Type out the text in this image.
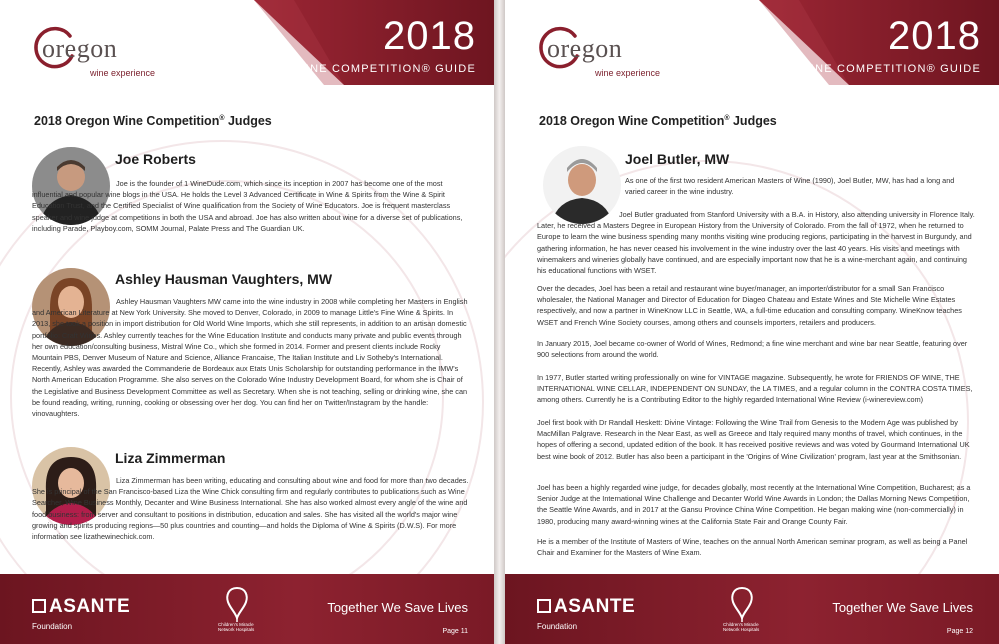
2018
OREGON WINE COMPETITION® GUIDE
oregon
wine experience
2018 Oregon Wine Competition® Judges
Joe Roberts

Joe is the founder of 1 WineDude.com, which since its inception in 2007 has become one of the most influential and popular wine blogs in the USA. He holds the Level 3 Advanced Certificate in Wine & Spirits from the Wine & Spirit Education Trust, and the Certified Specialist of Wine qualification from the Society of Wine Educators. Joe is frequent masterclass speaker and wine judge at competitions in both the USA and abroad. Joe has also written about wine for a diverse set of publications, including Parade, Playboy.com, SOMM Journal, Palate Press and The Guardian UK.

Ashley Hausman Vaughters, MW

Ashley Hausman Vaughters MW came into the wine industry in 2008 while completing her Masters in English and American Literature at New York University. She moved to Denver, Colorado, in 2009 to manage Little's Fine Wine & Spirits. In 2013, she took a position in import distribution for Old World Wine Imports, which she still represents, in addition to an artisan domestic portfolio: Craft Wines. Ashley currently teaches for the Wine Education Institute and conducts many private and public events through her own education/consulting business, Mistral Wine Co., which she formed in 2014. Former and present clients include Rocky Mountain PBS, Denver Museum of Nature and Science, Alliance Francaise, The Italian Institute and Liv Sotheby's International. Recently, Ashley was awarded the Commanderie de Bordeaux aux Etats Unis Scholarship for outstanding performance in the IMW's North American Education Programme. She also serves on the Colorado Wine Industry Development Board, for whom she is Chair of the Legislative and Business Development Committee as well as Secretary. When she is not teaching, selling or drinking wine, she can be found reading, writing, running, cooking or obsessing over her dog. You can find her on Twitter/Instagram by the handle: vinovaughters.

Liza Zimmerman

Liza Zimmerman has been writing, educating and consulting about wine and food for more than two decades. She is principal of the San Francisco-based Liza the Wine Chick consulting firm and regularly contributes to publications such as Wine Searcher, Wine Business Monthly, Decanter and Wine Business International. She has also worked almost every angle of the wine and food business: from server and consultant to positions in distribution, education and sales. She has visited all the world's major wine growing and spirits producing regions—50 plus countries and counting—and holds the Diploma of Wine & Spirits (D.W.S). For more information see lizathewinechick.com.

ASANTE
Foundation	Children's Miracle Network Hospitals
Together We Save Lives
Page 11
2018
OREGON WINE COMPETITION® GUIDE
oregon
wine experience
2018 Oregon Wine Competition® Judges
Joel Butler, MW

As one of the first two resident American Masters of Wine (1990), Joel Butler, MW, has had a long and varied career in the wine industry.

Joel Butler graduated from Stanford University with a B.A. in History, also attending university in Florence Italy. Later, he received a Masters Degree in European History from the University of Colorado. From the fall of 1972, when he returned to Europe to learn the wine business spending many months visiting wine producing regions, participating in the harvest in Burgundy, and gathering information, he has never ceased his involvement in the wine industry over the last 40 years. His visits and meetings with winemakers and wineries globally have continued, and are especially important now that he is a wine-merchant again, and continuing his educational functions with WSET.

Over the decades, Joel has been a retail and restaurant wine buyer/manager, an importer/distributor for a small San Francisco wholesaler, the National Manager and Director of Education for Diageo Chateau and Estate Wines and Ste Michelle Wine Estates respectively, and now a partner in WineKnow LLC in Seattle, WA, a full-time education and consulting company. WineKnow teaches WSET and French Wine Society courses, among others and counsels importers, retailers and producers.

In January 2015, Joel became co-owner of World of Wines, Redmond; a fine wine merchant and wine bar near Seattle, featuring over 900 selections from around the world.

In 1977, Butler started writing professionally on wine for VINTAGE magazine. Subsequently, he wrote for FRIENDS OF WINE, THE INTERNATIONAL WINE CELLAR, INDEPENDENT ON SUNDAY, the LA TIMES, and a regular column in the CONTRA COSTA TIMES, among others. Currently he is a Contributing Editor to the highly regarded International Wine Review (i-winereview.com)

Joel first book with Dr Randall Heskett: Divine Vintage: Following the Wine Trail from Genesis to the Modern Age was published by MacMillan Palgrave. Research in the Near East, as well as Greece and Italy required many months of travel, which continues, in the hopes of offering a second, updated edition of the book. It has received positive reviews and was voted by Gourmand International UK best wine book of 2012. Butler has also been a participant in the 'Origins of Wine Civilization' program, last year at the Smithsonian.

Joel has been a highly regarded wine judge, for decades globally, most recently at the International Wine Competition, Bucharest; as a Senior Judge at the International Wine Challenge and Decanter World Wine Awards in London; the Dallas Morning News Competition, the Seattle Wine Awards, and in 2017 at the Gansu Province China Wine Competition. He began making wine (non-commercially) in 1980, producing many award-winning wines at the California State Fair and Orange County Fair.

He is a member of the Institute of Masters of Wine, teaches on the annual North American seminar program, as well as being a Panel Chair and Examiner for the Masters of Wine Exam.

ASANTE
Foundation	Children's Miracle Network Hospitals
Together We Save Lives
Page 12
